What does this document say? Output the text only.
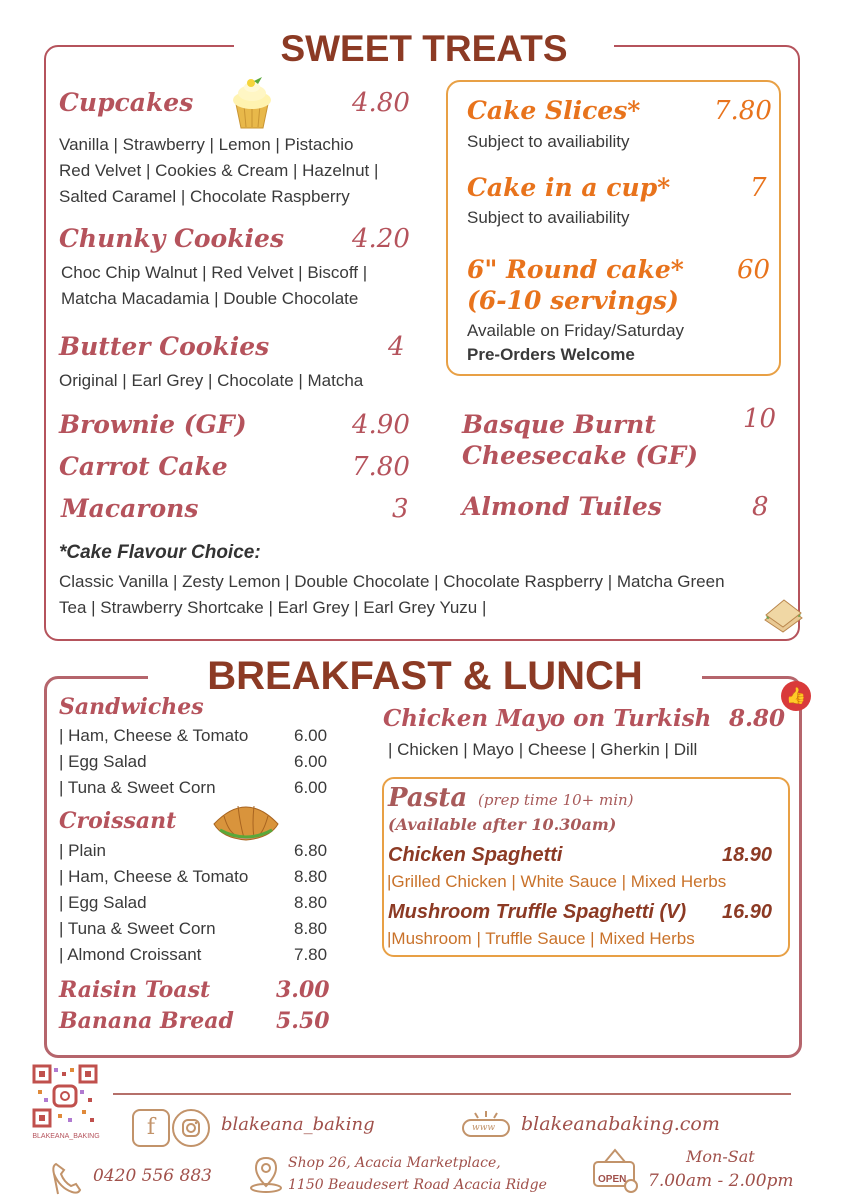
SWEET TREATS
Cupcakes	4.80
Vanilla | Strawberry | Lemon | Pistachio
Red Velvet | Cookies & Cream | Hazelnut |
Salted Caramel | Chocolate Raspberry
Chunky Cookies	4.20
Choc Chip Walnut | Red Velvet | Biscoff |
Matcha Macadamia | Double Chocolate
Butter Cookies	4
Original | Earl Grey | Chocolate | Matcha
Brownie (GF)	4.90
Carrot Cake	7.80
Macarons	3
Cake Slices*	7.80
Subject to availiability
Cake in a cup*	7
Subject to availiability
6" Round cake*
(6-10 servings)
60
Available on Friday/Saturday
Pre-Orders Welcome
Basque Burnt
Cheesecake (GF)
10
Almond Tuiles	8
*Cake Flavour Choice:
Classic Vanilla | Zesty Lemon | Double Chocolate | Chocolate Raspberry | Matcha Green
Tea | Strawberry Shortcake | Earl Grey | Earl Grey Yuzu |
BREAKFAST & LUNCH	👍
Sandwiches
| Ham, Cheese & Tomato	6.00
| Egg Salad	6.00
| Tuna & Sweet Corn	6.00
Croissant
| Plain	6.80
| Ham, Cheese & Tomato	8.80
| Egg Salad	8.80
| Tuna & Sweet Corn	8.80
| Almond Croissant	7.80
Raisin Toast	3.00
Banana Bread 5.50
Chicken Mayo on Turkish 8.80
| Chicken | Mayo | Cheese | Gherkin | Dill
Pasta (prep time 10+ min)
(Available after 10.30am)
Chicken Spaghetti	18.90
|Grilled Chicken | White Sauce | Mixed Herbs
Mushroom Truffle Spaghetti (V) 16.90
|Mushroom | Truffle Sauce | Mixed Herbs
BLAKEANA_BAKING	f	blakeana_baking	www blakeanabaking.com
0420 556 883
Shop 26, Acacia Marketplace,
1150 Beaudesert Road Acacia Ridge	OPEN
Mon-Sat
7.00am - 2.00pm
